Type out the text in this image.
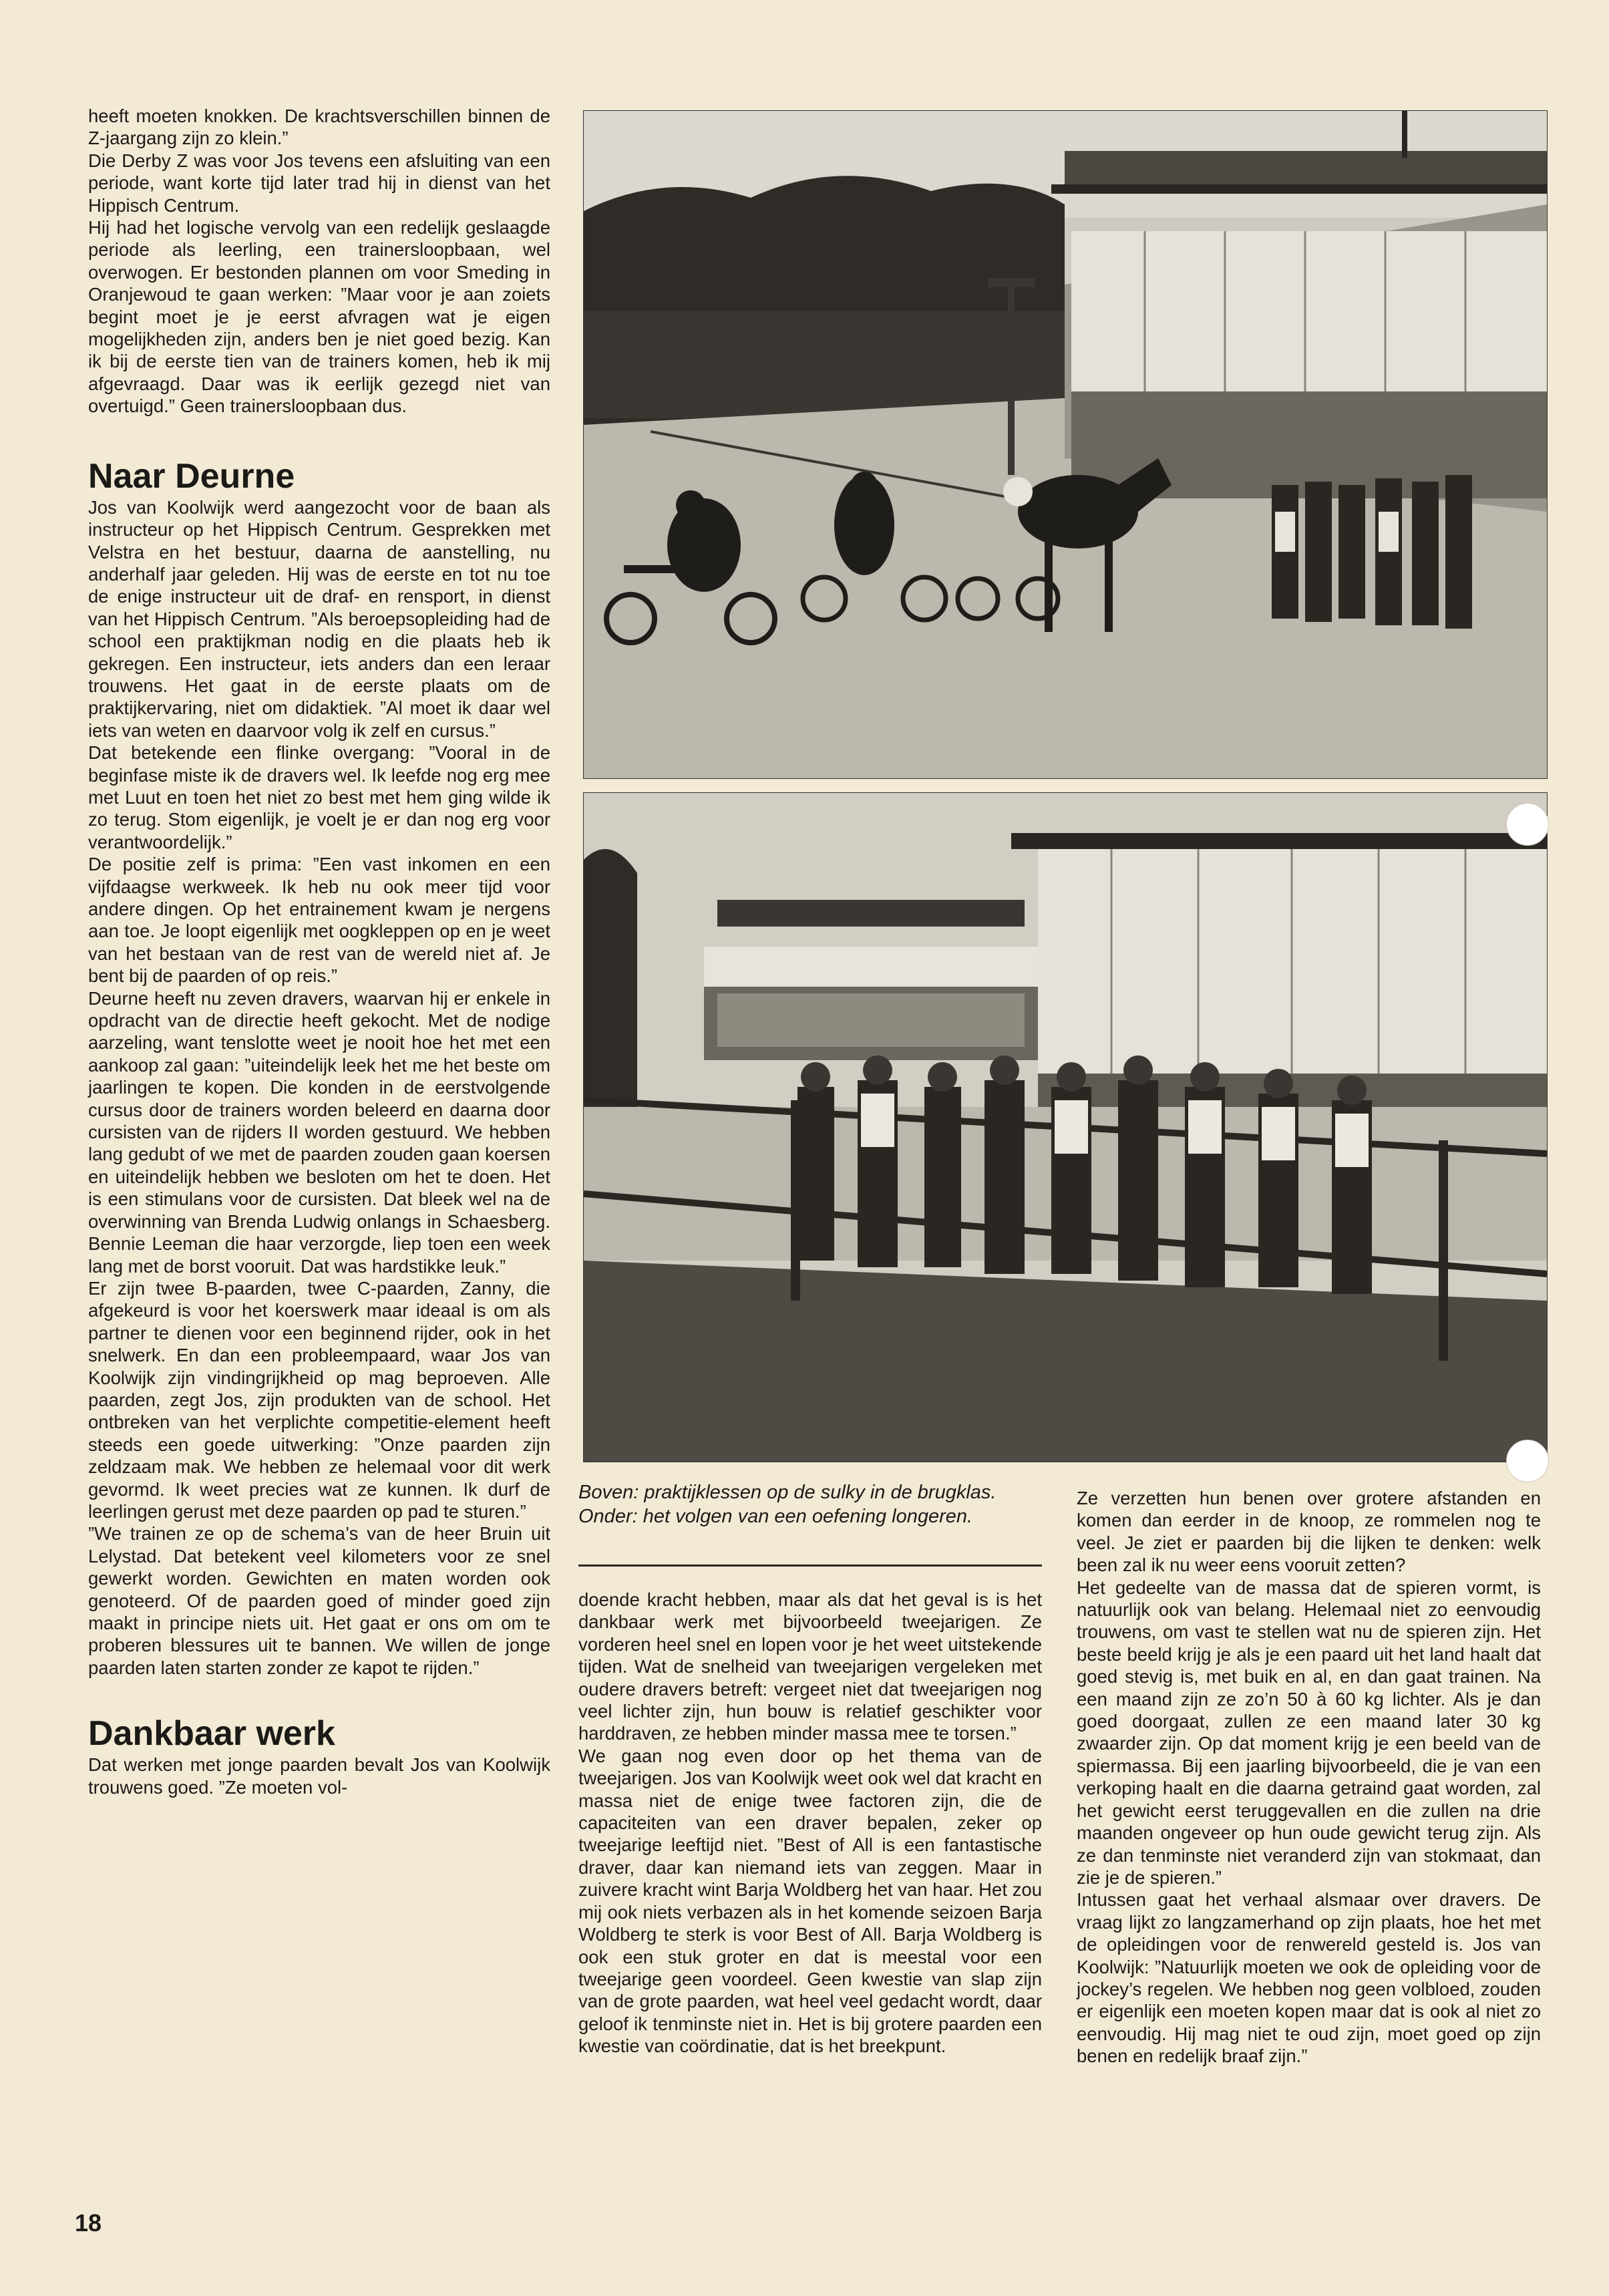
heeft moeten knokken. De krachtsverschillen binnen de Z-jaargang zijn zo klein.”

Die Derby Z was voor Jos tevens een afsluiting van een periode, want korte tijd later trad hij in dienst van het Hippisch Centrum.

Hij had het logische vervolg van een redelijk geslaagde periode als leerling, een trainersloopbaan, wel overwogen. Er bestonden plannen om voor Smeding in Oranjewoud te gaan werken: ”Maar voor je aan zoiets begint moet je je eerst afvragen wat je eigen mogelijkheden zijn, anders ben je niet goed bezig. Kan ik bij de eerste tien van de trainers komen, heb ik mij afgevraagd. Daar was ik eerlijk gezegd niet van overtuigd.” Geen trainersloopbaan dus.

Naar Deurne

Jos van Koolwijk werd aangezocht voor de baan als instructeur op het Hippisch Centrum. Gesprekken met Velstra en het bestuur, daarna de aanstelling, nu anderhalf jaar geleden. Hij was de eerste en tot nu toe de enige instructeur uit de draf- en rensport, in dienst van het Hippisch Centrum. ”Als beroepsopleiding had de school een praktijkman nodig en die plaats heb ik gekregen. Een instructeur, iets anders dan een leraar trouwens. Het gaat in de eerste plaats om de praktijkervaring, niet om didaktiek. ”Al moet ik daar wel iets van weten en daarvoor volg ik zelf en cursus.”

Dat betekende een flinke overgang: ”Vooral in de beginfase miste ik de dravers wel. Ik leefde nog erg mee met Luut en toen het niet zo best met hem ging wilde ik zo terug. Stom eigenlijk, je voelt je er dan nog erg voor verantwoordelijk.”

De positie zelf is prima: ”Een vast inkomen en een vijfdaagse werkweek. Ik heb nu ook meer tijd voor andere dingen. Op het entrainement kwam je nergens aan toe. Je loopt eigenlijk met oogkleppen op en je weet van het bestaan van de rest van de wereld niet af. Je bent bij de paarden of op reis.”

Deurne heeft nu zeven dravers, waarvan hij er enkele in opdracht van de directie heeft gekocht. Met de nodige aarzeling, want tenslotte weet je nooit hoe het met een aankoop zal gaan: ”uiteindelijk leek het me het beste om jaarlingen te kopen. Die konden in de eerstvolgende cursus door de trainers worden beleerd en daarna door cursisten van de rijders II worden gestuurd. We hebben lang gedubt of we met de paarden zouden gaan koersen en uiteindelijk hebben we besloten om het te doen. Het is een stimulans voor de cursisten. Dat bleek wel na de overwinning van Brenda Ludwig onlangs in Schaesberg. Bennie Leeman die haar verzorgde, liep toen een week lang met de borst vooruit. Dat was hardstikke leuk.”

Er zijn twee B-paarden, twee C-paarden, Zanny, die afgekeurd is voor het koerswerk maar ideaal is om als partner te dienen voor een beginnend rijder, ook in het snelwerk. En dan een probleempaard, waar Jos van Koolwijk zijn vindingrijkheid op mag beproeven. Alle paarden, zegt Jos, zijn produkten van de school. Het ontbreken van het verplichte competitie-element heeft steeds een goede uitwerking: ”Onze paarden zijn zeldzaam mak. We hebben ze helemaal voor dit werk gevormd. Ik weet precies wat ze kunnen. Ik durf de leerlingen gerust met deze paarden op pad te sturen.”

”We trainen ze op de schema’s van de heer Bruin uit Lelystad. Dat betekent veel kilometers voor ze snel gewerkt worden. Gewichten en maten worden ook genoteerd. Of de paarden goed of minder goed zijn maakt in principe niets uit. Het gaat er ons om om te proberen blessures uit te bannen. We willen de jonge paarden laten starten zonder ze kapot te rijden.”

Dankbaar werk

Dat werken met jonge paarden bevalt Jos van Koolwijk trouwens goed. ”Ze moeten vol-

Boven: praktijklessen op de sulky in de brugklas.
Onder: het volgen van een oefening longeren.

doende kracht hebben, maar als dat het geval is is het dankbaar werk met bijvoorbeeld tweejarigen. Ze vorderen heel snel en lopen voor je het weet uitstekende tijden. Wat de snelheid van tweejarigen vergeleken met oudere dravers betreft: vergeet niet dat tweejarigen nog veel lichter zijn, hun bouw is relatief geschikter voor harddraven, ze hebben minder massa mee te torsen.”

We gaan nog even door op het thema van de tweejarigen. Jos van Koolwijk weet ook wel dat kracht en massa niet de enige twee factoren zijn, die de capaciteiten van een draver bepalen, zeker op tweejarige leeftijd niet. ”Best of All is een fantastische draver, daar kan niemand iets van zeggen. Maar in zuivere kracht wint Barja Woldberg het van haar. Het zou mij ook niets verbazen als in het komende seizoen Barja Woldberg te sterk is voor Best of All. Barja Woldberg is ook een stuk groter en dat is meestal voor een tweejarige geen voordeel. Geen kwestie van slap zijn van de grote paarden, wat heel veel gedacht wordt, daar geloof ik tenminste niet in. Het is bij grotere paarden een kwestie van coördinatie, dat is het breekpunt.

Ze verzetten hun benen over grotere afstanden en komen dan eerder in de knoop, ze rommelen nog te veel. Je ziet er paarden bij die lijken te denken: welk been zal ik nu weer eens vooruit zetten?

Het gedeelte van de massa dat de spieren vormt, is natuurlijk ook van belang. Helemaal niet zo eenvoudig trouwens, om vast te stellen wat nu de spieren zijn. Het beste beeld krijg je als je een paard uit het land haalt dat goed stevig is, met buik en al, en dan gaat trainen. Na een maand zijn ze zo’n 50 à 60 kg lichter. Als je dan goed doorgaat, zullen ze een maand later 30 kg zwaarder zijn. Op dat moment krijg je een beeld van de spiermassa. Bij een jaarling bijvoorbeeld, die je van een verkoping haalt en die daarna getraind gaat worden, zal het gewicht eerst teruggevallen en die zullen na drie maanden ongeveer op hun oude gewicht terug zijn. Als ze dan tenminste niet veranderd zijn van stokmaat, dan zie je de spieren.”

Intussen gaat het verhaal alsmaar over dravers. De vraag lijkt zo langzamerhand op zijn plaats, hoe het met de opleidingen voor de renwereld gesteld is. Jos van Koolwijk: ”Natuurlijk moeten we ook de opleiding voor de jockey’s regelen. We hebben nog geen volbloed, zouden er eigenlijk een moeten kopen maar dat is ook al niet zo eenvoudig. Hij mag niet te oud zijn, moet goed op zijn benen en redelijk braaf zijn.”

18
